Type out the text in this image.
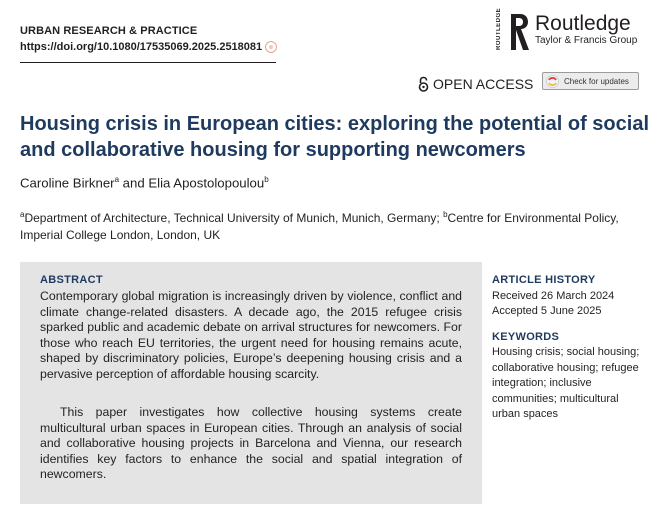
URBAN RESEARCH & PRACTICE
https://doi.org/10.1080/17535069.2025.2518081	ROUTLEDGE Routledge
Taylor & Francis Group
OPEN ACCESS	Check for updates
Housing crisis in European cities: exploring the potential of social and collaborative housing for supporting newcomers
Caroline Birkner$^a$ and Elia Apostolopoulou$^b$
$^a$Department of Architecture, Technical University of Munich, Munich, Germany; $^b$Centre for Environmental Policy, Imperial College London, London, UK
ABSTRACT

Contemporary global migration is increasingly driven by violence, conflict and climate change-related disasters. A decade ago, the 2015 refugee crisis sparked public and academic debate on arrival structures for newcomers. For those who reach EU territories, the urgent need for housing remains acute, shaped by discriminatory policies, Europe’s deepening housing crisis and a pervasive perception of affordable housing scarcity.

This paper investigates how collective housing systems create multicultural urban spaces in European cities. Through an analysis of social and collaborative housing projects in Barcelona and Vienna, our research identifies key factors to enhance the social and spatial integration of newcomers.

ARTICLE HISTORY
Received 26 March 2024
Accepted 5 June 2025
KEYWORDS
Housing crisis; social housing; collaborative housing; refugee integration; inclusive communities; multicultural urban spaces
